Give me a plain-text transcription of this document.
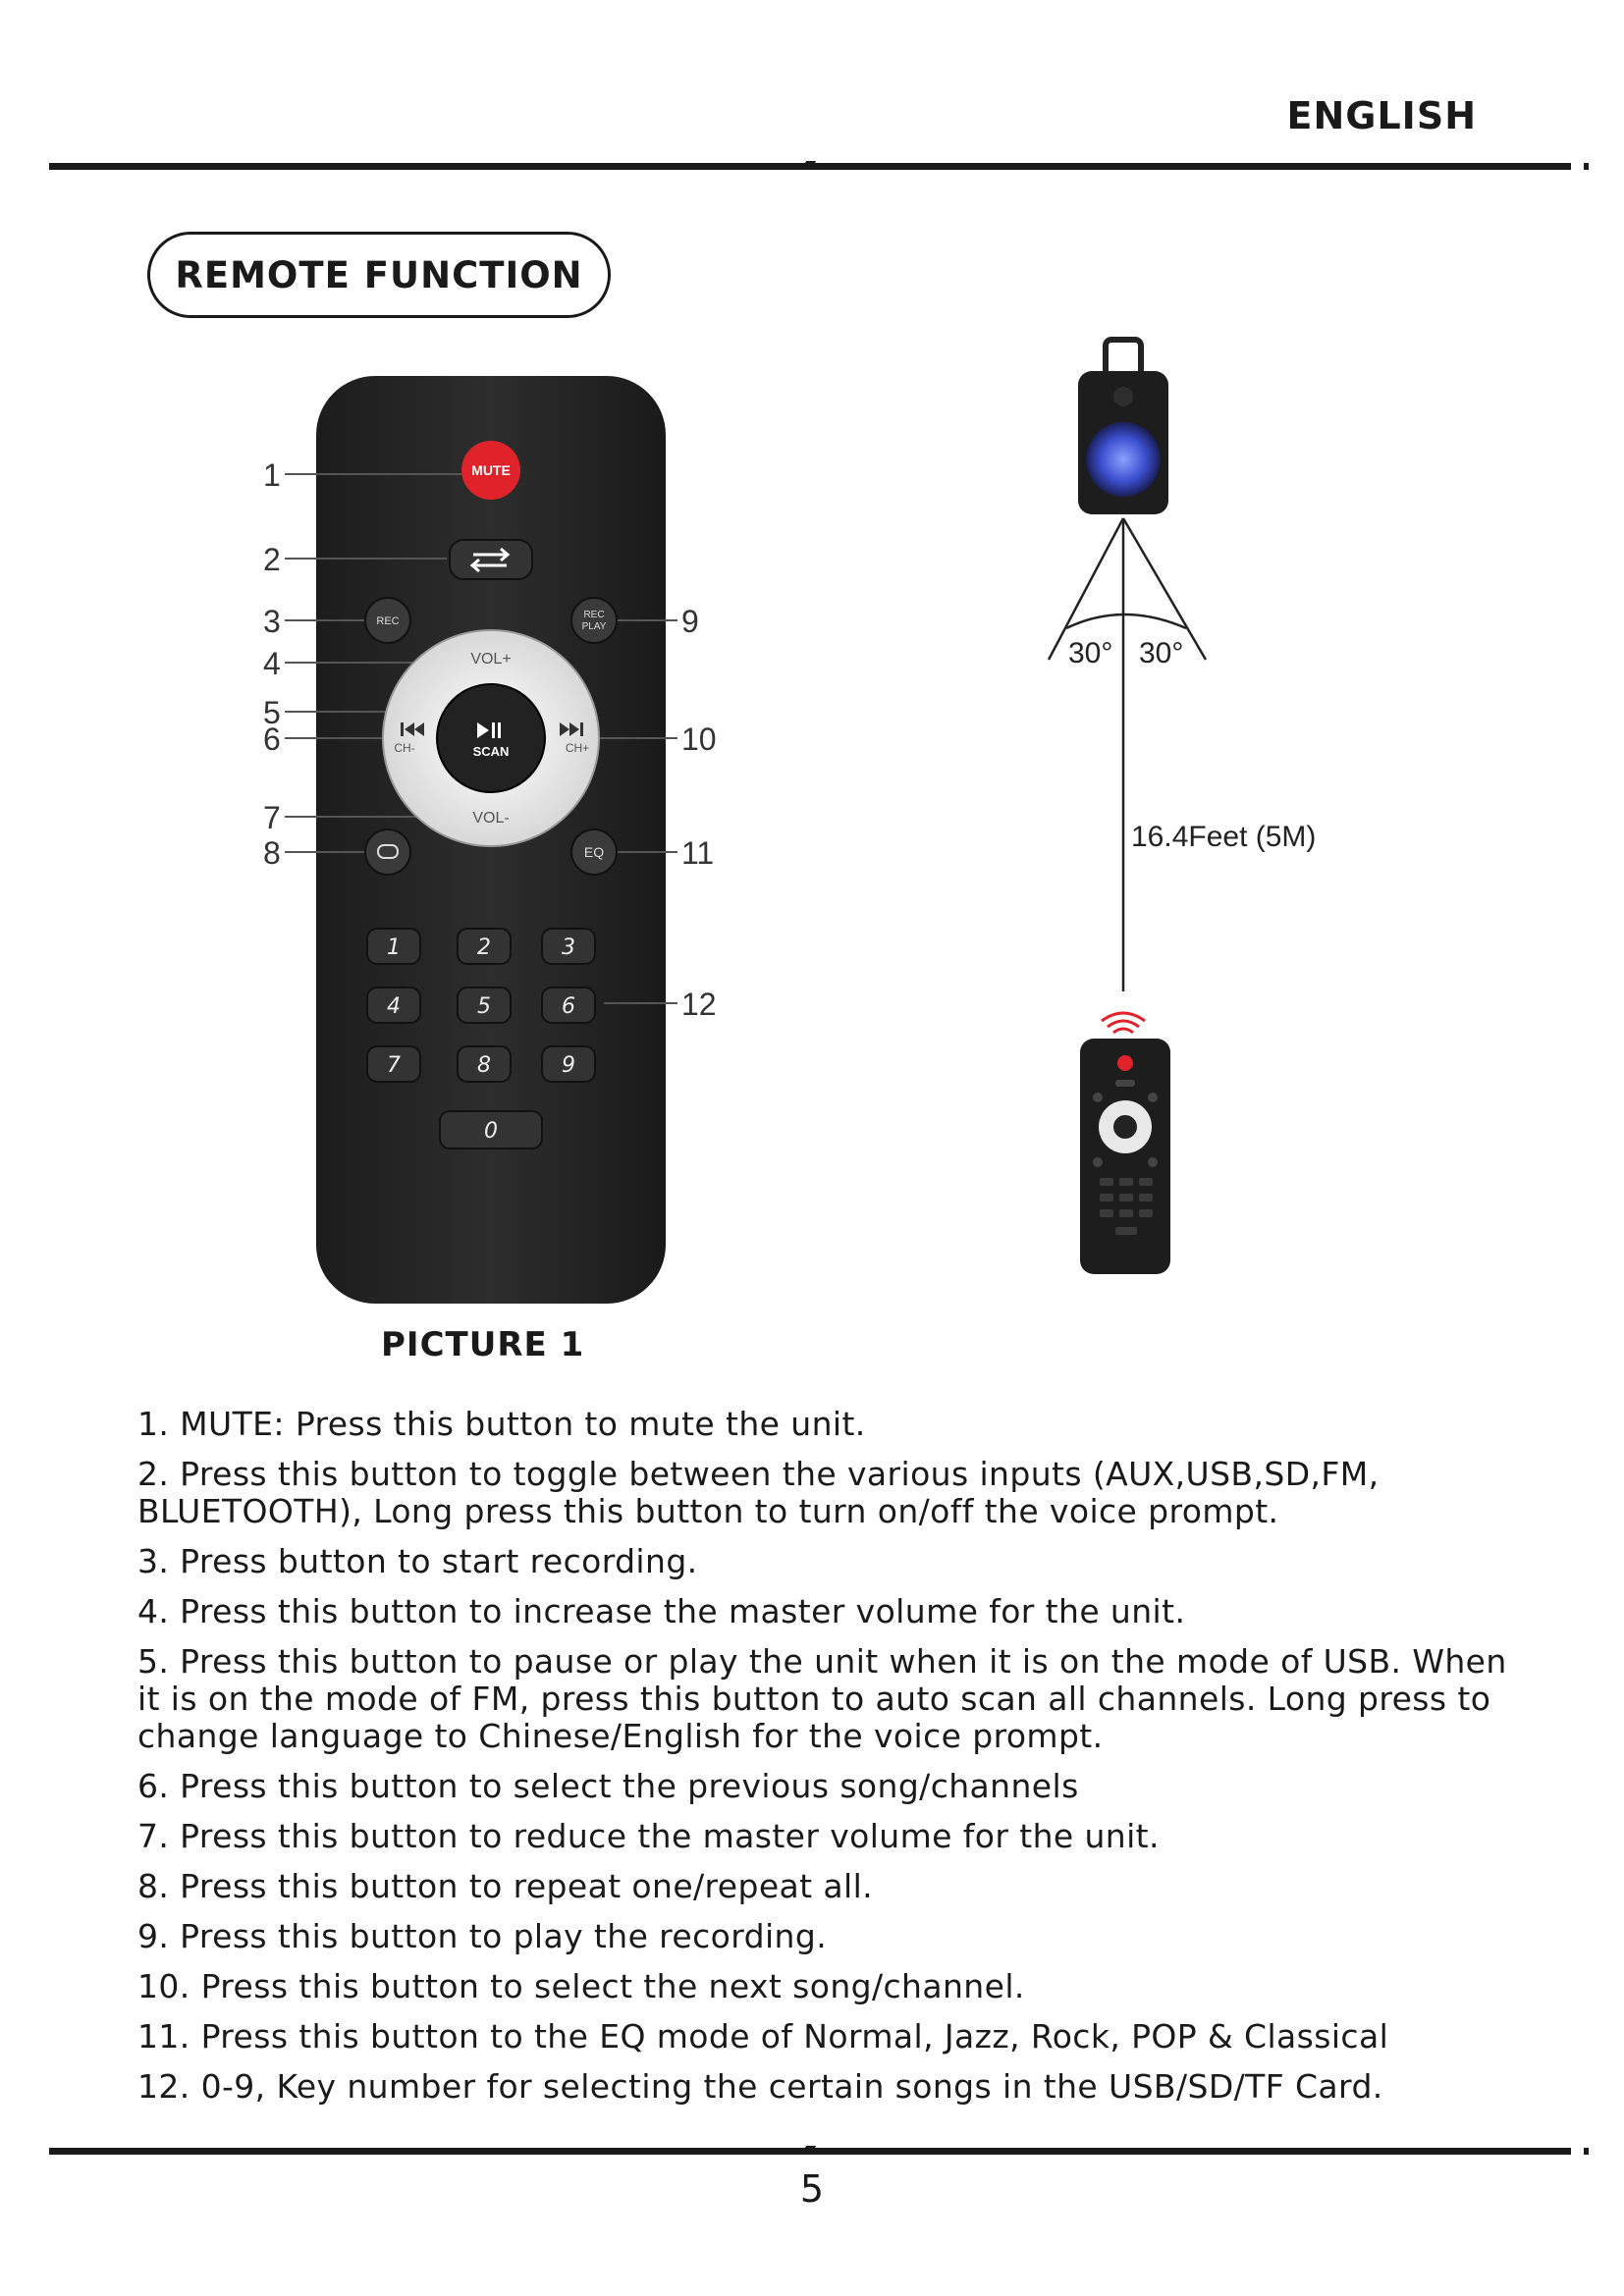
ENGLISH
REMOTE FUNCTION
1
2
3
4
5
6
7
8
9
10
11
12
MUTE
REC
REC
PLAY
SCAN
VOL+
VOL-
CH-	CH+
EQ
1	2	3
4	5	6
7	8	9
0
30° 30°
16.4Feet (5M)
PICTURE 1
1. MUTE: Press this button to mute the unit.
2. Press this button to toggle between the various inputs (AUX,USB,SD,FM, BLUETOOTH), Long press this button to turn on/off the voice prompt.
3. Press button to start recording.
4. Press this button to increase the master volume for the unit.
5. Press this button to pause or play the unit when it is on the mode of USB. When it is on the mode of FM, press this button to auto scan all channels. Long press to change language to Chinese/English for the voice prompt.
6. Press this button to select the previous song/channels
7. Press this button to reduce the master volume for the unit.
8. Press this button to repeat one/repeat all.
9. Press this button to play the recording.
10. Press this button to select the next song/channel.
11. Press this button to the EQ mode of Normal, Jazz, Rock, POP & Classical
12. 0-9, Key number for selecting the certain songs in the USB/SD/TF Card.
5
